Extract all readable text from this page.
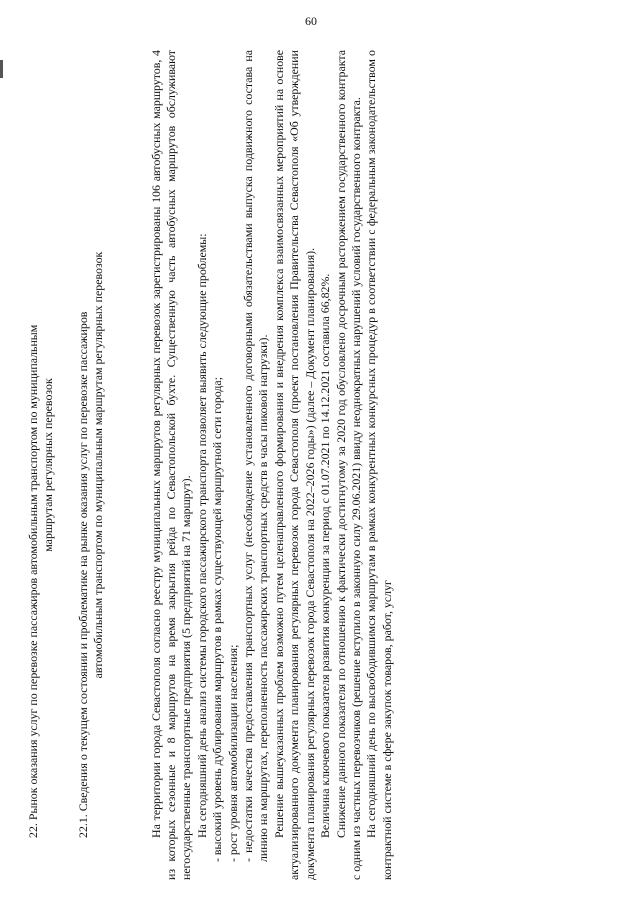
60

22. Рынок оказания услуг по перевозке пассажиров автомобильным транспортом по муниципальным маршрутам регулярных перевозок 22.1. Сведения о текущем состоянии и проблематике на рынке оказания услуг по перевозке пассажиров автомобильным транспортом по муниципальным маршрутам регулярных перевозок	На территории города Севастополя согласно реестру муниципальных маршрутов регулярных перевозок зарегистрированы 106 автобусных маршрутов, 4 из которых сезонные и 8 маршрутов на время закрытия рейда по Севастопольской бухте. Существенную часть автобусных маршрутов обслуживают негосударственные транспортные предприятия (5 предприятий на 71 маршрут). На сегодняшний день анализ системы городского пассажирского транспорта позволяет выявить следующие проблемы: - высокий уровень дублирования маршрутов в рамках существующей маршрутной сети города; - рост уровня автомобилизации населения; - недостатки качества предоставления транспортных услуг (несоблюдение установленного договорными обязательствами выпуска подвижного состава на линию на маршрутах, переполненность пассажирских транспортных средств в часы пиковой нагрузки). Решение вышеуказанных проблем возможно путем целенаправленного формирования и внедрения комплекса взаимосвязанных мероприятий на основе актуализированного документа планирования регулярных перевозок города Севастополя (проект постановления Правительства Севастополя «Об утверждении документа планирования регулярных перевозок города Севастополя на 2022–2026 годы») (далее – Документ планирования). Величина ключевого показателя развития конкуренции за период с 01.07.2021 по 14.12.2021 составила 66,82%. Снижение данного показателя по отношению к фактически достигнутому за 2020 год обусловлено досрочным расторжением государственного контракта с одним из частных перевозчиков (решение вступило в законную силу 29.06.2021) ввиду неоднократных нарушений условий государственного контракта. На сегодняшний день по высвободившимся маршрутам в рамках конкурентных конкурсных процедур в соответствии с федеральным законодательством о контрактной системе в сфере закупок товаров, работ, услуг
